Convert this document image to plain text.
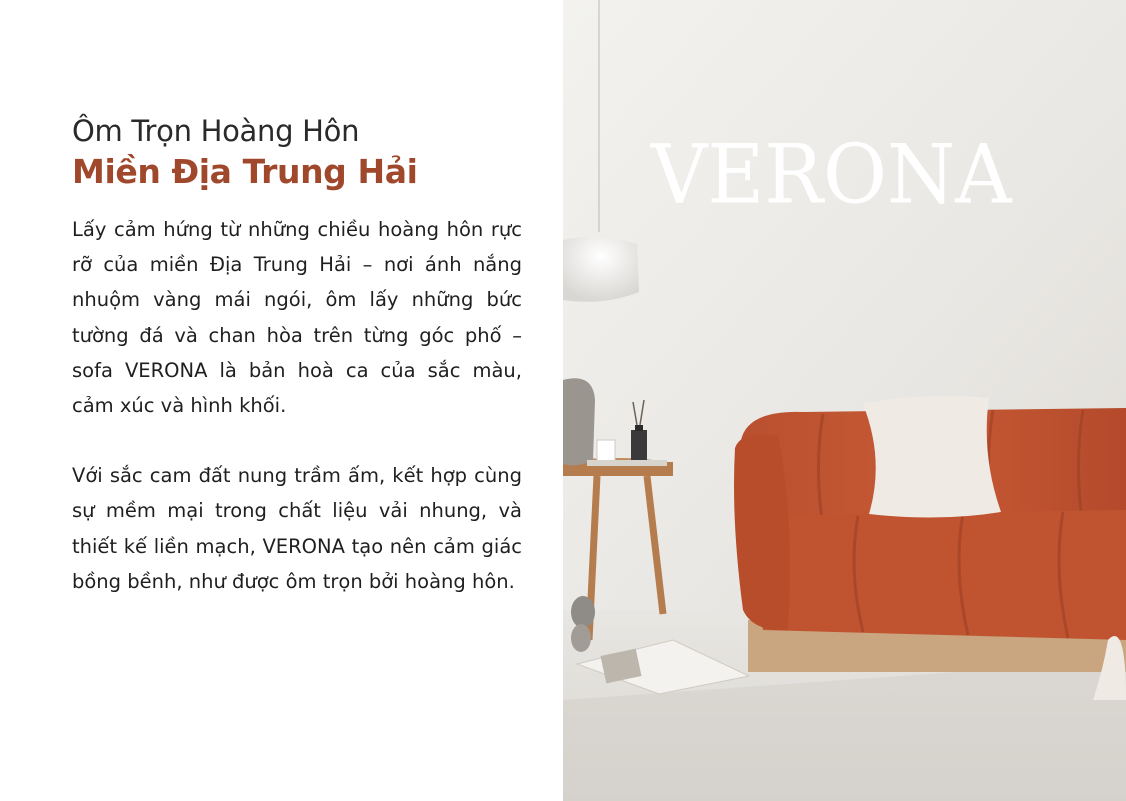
Ôm Trọn Hoàng Hôn
Miền Địa Trung Hải
Lấy cảm hứng từ những chiều hoàng hôn rực rỡ của miền Địa Trung Hải – nơi ánh nắng nhuộm vàng mái ngói, ôm lấy những bức tường đá và chan hòa trên từng góc phố – sofa VERONA là bản hoà ca của sắc màu, cảm xúc và hình khối.
Với sắc cam đất nung trầm ấm, kết hợp cùng sự mềm mại trong chất liệu vải nhung, và thiết kế liền mạch, VERONA tạo nên cảm giác bồng bềnh, như được ôm trọn bởi hoàng hôn.
VERONA
